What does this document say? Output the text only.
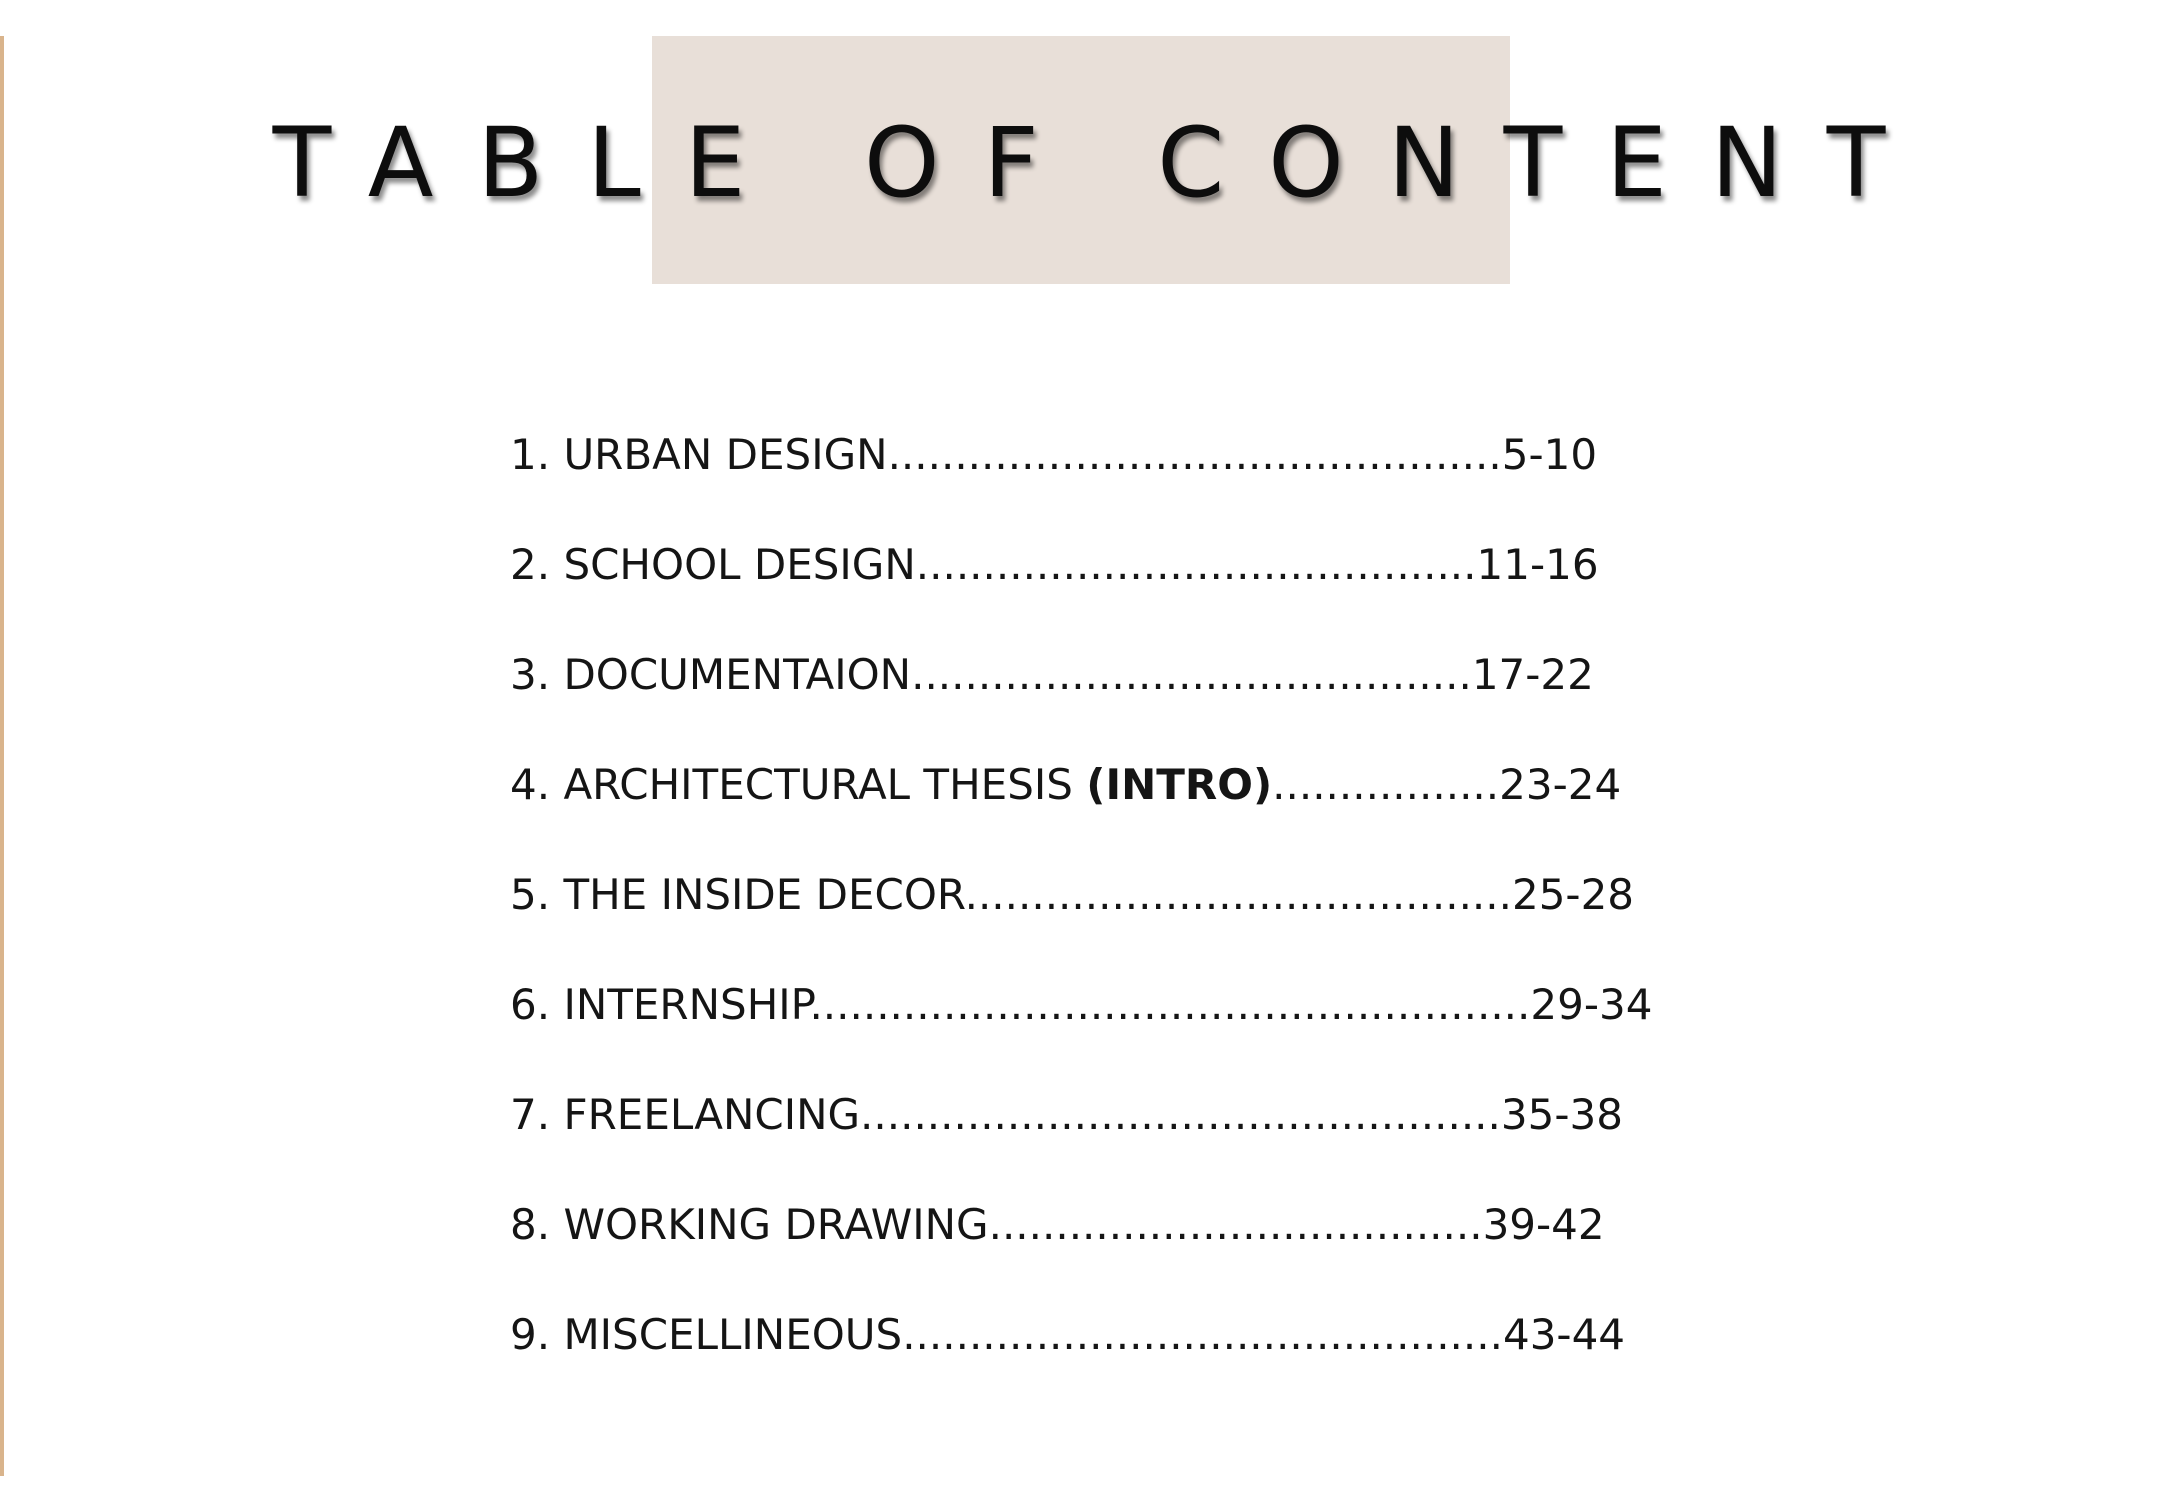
TABLE OF CONTENT
1. URBAN DESIGN..............................................5-10
2. SCHOOL DESIGN..........................................11-16
3. DOCUMENTAION..........................................17-22
4. ARCHITECTURAL THESIS (INTRO).................23-24
5. THE INSIDE DECOR.........................................25-28
6. INTERNSHIP......................................................29-34
7. FREELANCING................................................35-38
8. WORKING DRAWING.....................................39-42
9. MISCELLINEOUS.............................................43-44
